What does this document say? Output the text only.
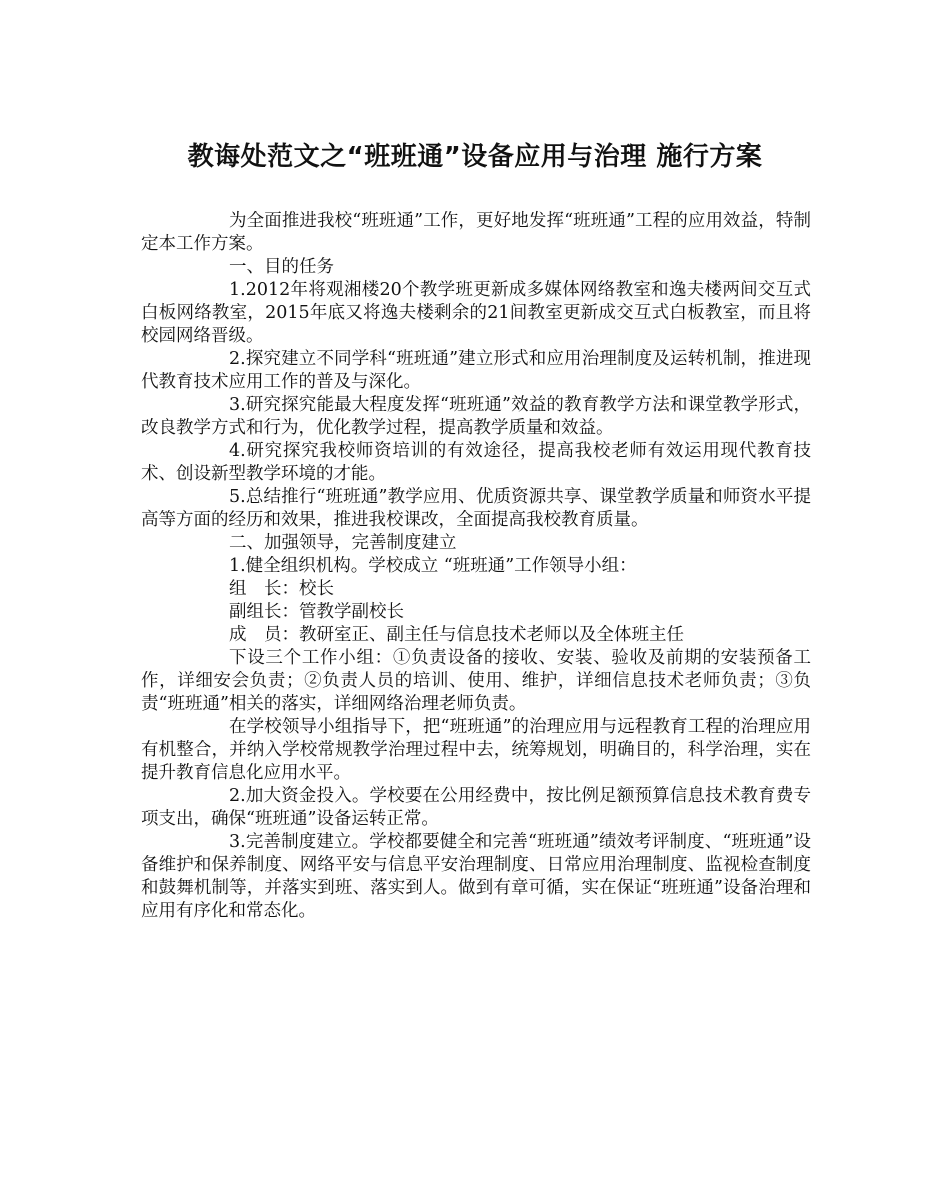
教诲处范文之“班班通”设备应用与治理 施行方案

为全面推进我校“班班通”工作，更好地发挥“班班通”工程的应用效益，特制定本工作方案。

一、目的任务

1.2012年将观湘楼20个教学班更新成多媒体网络教室和逸夫楼两间交互式白板网络教室，2015年底又将逸夫楼剩余的21间教室更新成交互式白板教室，而且将校园网络晋级。

2.探究建立不同学科“班班通”建立形式和应用治理制度及运转机制，推进现代教育技术应用工作的普及与深化。

3.研究探究能最大程度发挥“班班通”效益的教育教学方法和课堂教学形式，改良教学方式和行为，优化教学过程，提高教学质量和效益。

4.研究探究我校师资培训的有效途径，提高我校老师有效运用现代教育技术、创设新型教学环境的才能。

5.总结推行“班班通”教学应用、优质资源共享、课堂教学质量和师资水平提高等方面的经历和效果，推进我校课改，全面提高我校教育质量。

二、加强领导，完善制度建立

1.健全组织机构。学校成立 “班班通”工作领导小组：

组　长：校长

副组长：管教学副校长

成　员：教研室正、副主任与信息技术老师以及全体班主任

下设三个工作小组：①负责设备的接收、安装、验收及前期的安装预备工作，详细安会负责；②负责人员的培训、使用、维护，详细信息技术老师负责；③负责“班班通”相关的落实，详细网络治理老师负责。

在学校领导小组指导下，把“班班通”的治理应用与远程教育工程的治理应用有机整合，并纳入学校常规教学治理过程中去，统筹规划，明确目的，科学治理，实在提升教育信息化应用水平。

2.加大资金投入。学校要在公用经费中，按比例足额预算信息技术教育费专项支出，确保“班班通”设备运转正常。

3.完善制度建立。学校都要健全和完善“班班通”绩效考评制度、“班班通”设备维护和保养制度、网络平安与信息平安治理制度、日常应用治理制度、监视检查制度和鼓舞机制等，并落实到班、落实到人。做到有章可循，实在保证“班班通”设备治理和应用有序化和常态化。
